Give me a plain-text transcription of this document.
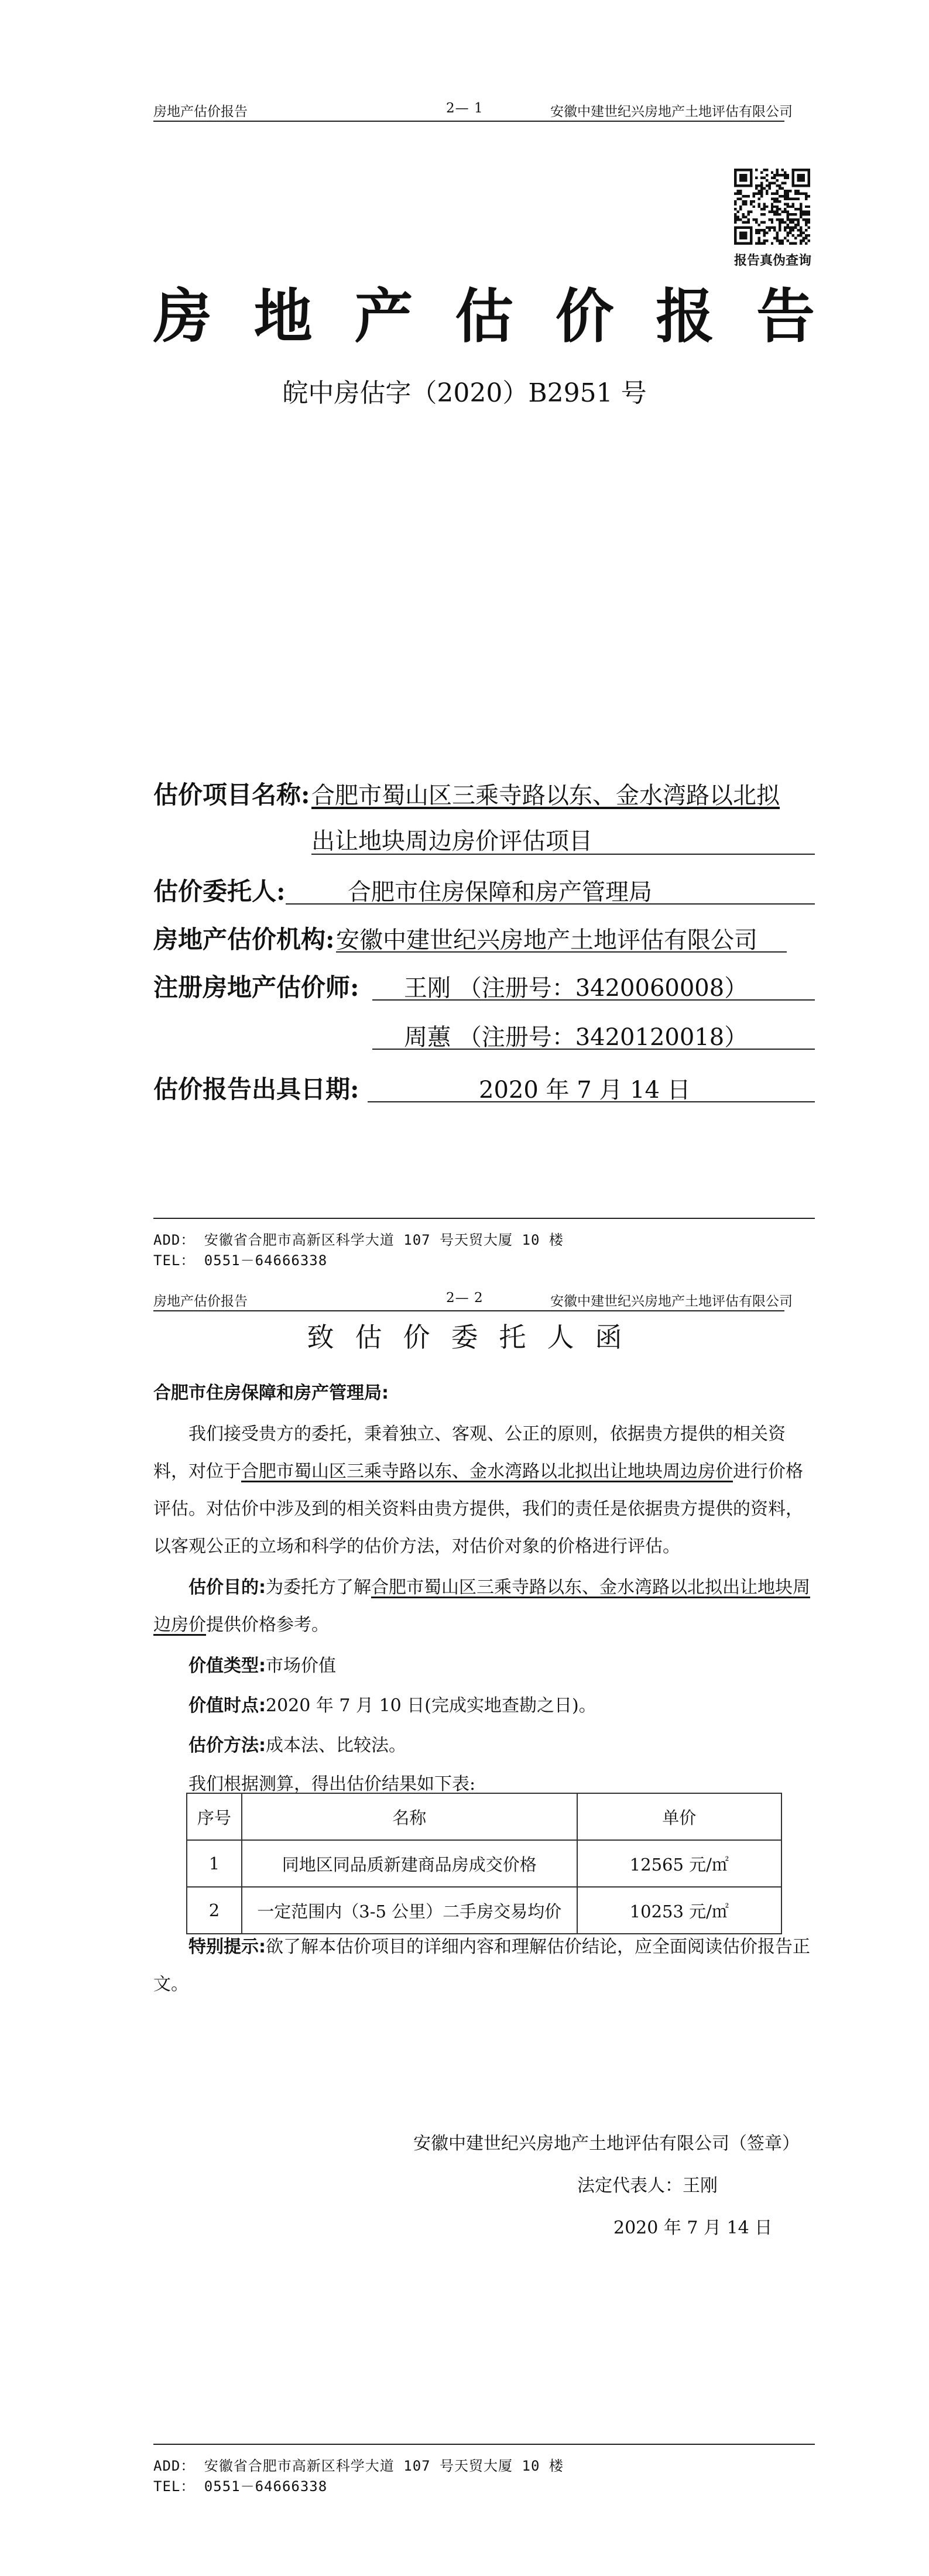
房地产估价报告	2— 1	安徽中建世纪兴房地产土地评估有限公司
报告真伪查询
房 地 产 估 价 报 告
皖中房估字（2020）B2951 号
估价项目名称: 合肥市蜀山区三乘寺路以东、金水湾路以北拟
出让地块周边房价评估项目
估价委托人:	合肥市住房保障和房产管理局
房地产估价机构: 安徽中建世纪兴房地产土地评估有限公司
注册房地产估价师: 王刚 （注册号：3420060008）
周蕙 （注册号：3420120018）
估价报告出具日期:	2020 年 7 月 14 日
ADD： 安徽省合肥市高新区科学大道 107 号天贸大厦 10 楼
TEL： 0551－64666338
房地产估价报告	2— 2	安徽中建世纪兴房地产土地评估有限公司
致估价委托人函
合肥市住房保障和房产管理局:
我们接受贵方的委托，秉着独立、客观、公正的原则，依据贵方提供的相关资料，对位于合肥市蜀山区三乘寺路以东、金水湾路以北拟出让地块周边房价进行价格评估。对估价中涉及到的相关资料由贵方提供，我们的责任是依据贵方提供的资料，以客观公正的立场和科学的估价方法，对估价对象的价格进行评估。
估价目的:为委托方了解合肥市蜀山区三乘寺路以东、金水湾路以北拟出让地块周边房价提供价格参考。
价值类型:市场价值
价值时点:2020 年 7 月 10 日(完成实地查勘之日)。
估价方法:成本法、比较法。
我们根据测算，得出估价结果如下表:
序号	名称	单价
1	同地区同品质新建商品房成交价格	12565 元/㎡
2	一定范围内（3-5 公里）二手房交易均价	10253 元/㎡
特别提示:欲了解本估价项目的详细内容和理解估价结论，应全面阅读估价报告正文。
安徽中建世纪兴房地产土地评估有限公司（签章）
法定代表人：王刚
2020 年 7 月 14 日
ADD： 安徽省合肥市高新区科学大道 107 号天贸大厦 10 楼
TEL： 0551－64666338
